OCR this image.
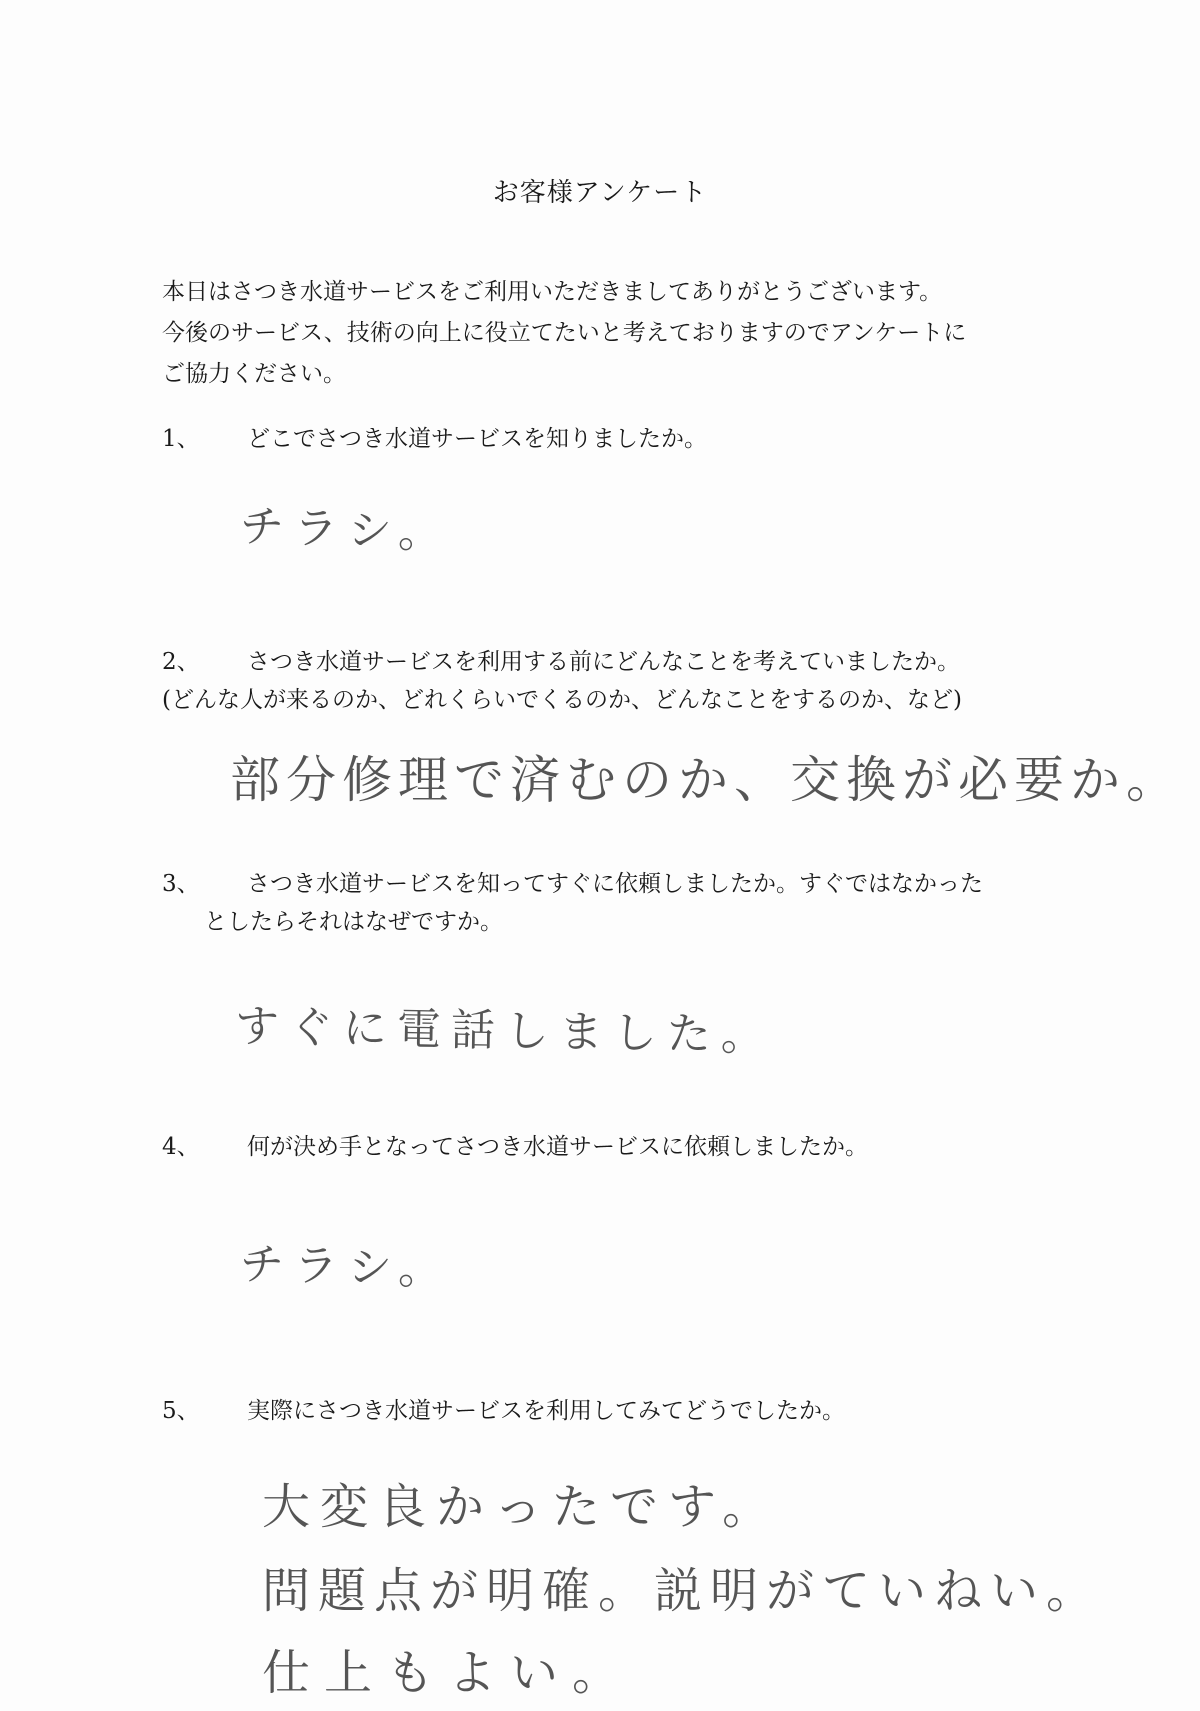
お客様アンケート
本日はさつき水道サービスをご利用いただきましてありがとうございます。
今後のサービス、技術の向上に役立てたいと考えておりますのでアンケートに
ご協力ください。
1、 どこでさつき水道サービスを知りましたか。
チラシ。
2、 さつき水道サービスを利用する前にどんなことを考えていましたか。
(どんな人が来るのか、どれくらいでくるのか、どんなことをするのか、など)
部分修理で済むのか、交換が必要か。
3、 さつき水道サービスを知ってすぐに依頼しましたか。すぐではなかった
としたらそれはなぜですか。
すぐに電話しました。
4、 何が決め手となってさつき水道サービスに依頼しましたか。
チラシ。
5、 実際にさつき水道サービスを利用してみてどうでしたか。
大変良かったです。
問題点が明確。説明がていねい。
仕上もよい。
